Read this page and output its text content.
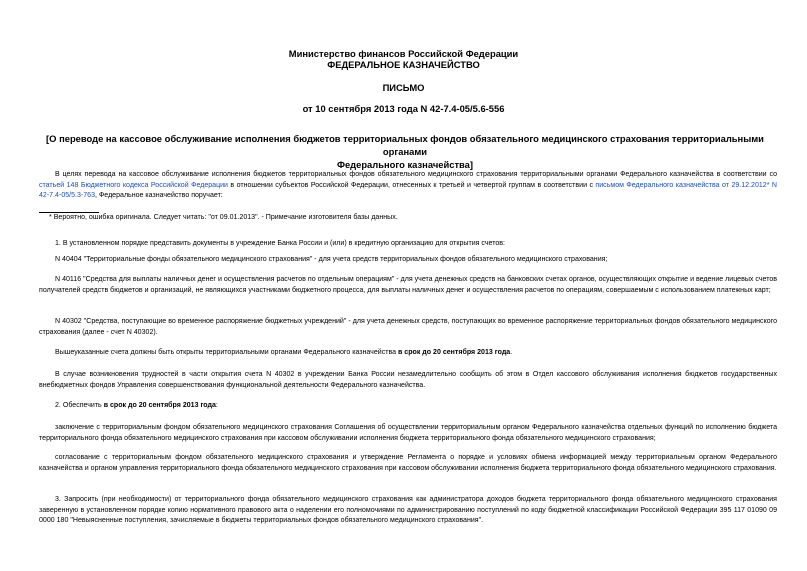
Министерство финансов Российской Федерации
ФЕДЕРАЛЬНОЕ КАЗНАЧЕЙСТВО
ПИСЬМО
от 10 сентября 2013 года N 42-7.4-05/5.6-556
[О переводе на кассовое обслуживание исполнения бюджетов территориальных фондов обязательного медицинского страхования территориальными органами
Федерального казначейства]
В целях перевода на кассовое обслуживание исполнения бюджетов территориальных фондов обязательного медицинского страхования территориальными органами Федерального казначейства в соответствии со статьей 148 Бюджетного кодекса Российской Федерации в отношении субъектов Российской Федерации, отнесенных к третьей и четвертой группам в соответствии с письмом Федерального казначейства от 29.12.2012* N 42-7.4-05/5.3-763, Федеральное казначейство поручает:
* Вероятно, ошибка оригинала. Следует читать: "от 09.01.2013". - Примечание изготовителя базы данных.
1. В установленном порядке представить документы в учреждение Банка России и (или) в кредитную организацию для открытия счетов:
N 40404 "Территориальные фонды обязательного медицинского страхования" - для учета средств территориальных фондов обязательного медицинского страхования;
N 40116 "Средства для выплаты наличных денег и осуществления расчетов по отдельным операциям" - для учета денежных средств на банковских счетах органов, осуществляющих открытие и ведение лицевых счетов получателей средств бюджетов и организаций, не являющихся участниками бюджетного процесса, для выплаты наличных денег и осуществления расчетов по операциям, совершаемым с использованием платежных карт;
N 40302 "Средства, поступающие во временное распоряжение бюджетных учреждений" - для учета денежных средств, поступающих во временное распоряжение территориальных фондов обязательного медицинского страхования (далее - счет N 40302).
Вышеуказанные счета должны быть открыты территориальными органами Федерального казначейства в срок до 20 сентября 2013 года.
В случае возникновения трудностей в части открытия счета N 40302 в учреждении Банка России незамедлительно сообщить об этом в Отдел кассового обслуживания исполнения бюджетов государственных внебюджетных фондов Управления совершенствования функциональной деятельности Федерального казначейства.
2. Обеспечить в срок до 20 сентября 2013 года:
заключение с территориальным фондом обязательного медицинского страхования Соглашения об осуществлении территориальным органом Федерального казначейства отдельных функций по исполнению бюджета территориального фонда обязательного медицинского страхования при кассовом обслуживании исполнения бюджета территориального фонда обязательного медицинского страхования;
согласование с территориальным фондом обязательного медицинского страхования и утверждение Регламента о порядке и условиях обмена информацией между территориальным органом Федерального казначейства и органом управления территориального фонда обязательного медицинского страхования при кассовом обслуживании исполнения бюджета территориального фонда обязательного медицинского страхования.
3. Запросить (при необходимости) от территориального фонда обязательного медицинского страхования как администратора доходов бюджета территориального фонда обязательного медицинского страхования заверенную в установленном порядке копию нормативного правового акта о наделении его полномочиями по администрированию поступлений по коду бюджетной классификации Российской Федерации 395 117 01090 09 0000 180 "Невыясненные поступления, зачисляемые в бюджеты территориальных фондов обязательного медицинского страхования".
